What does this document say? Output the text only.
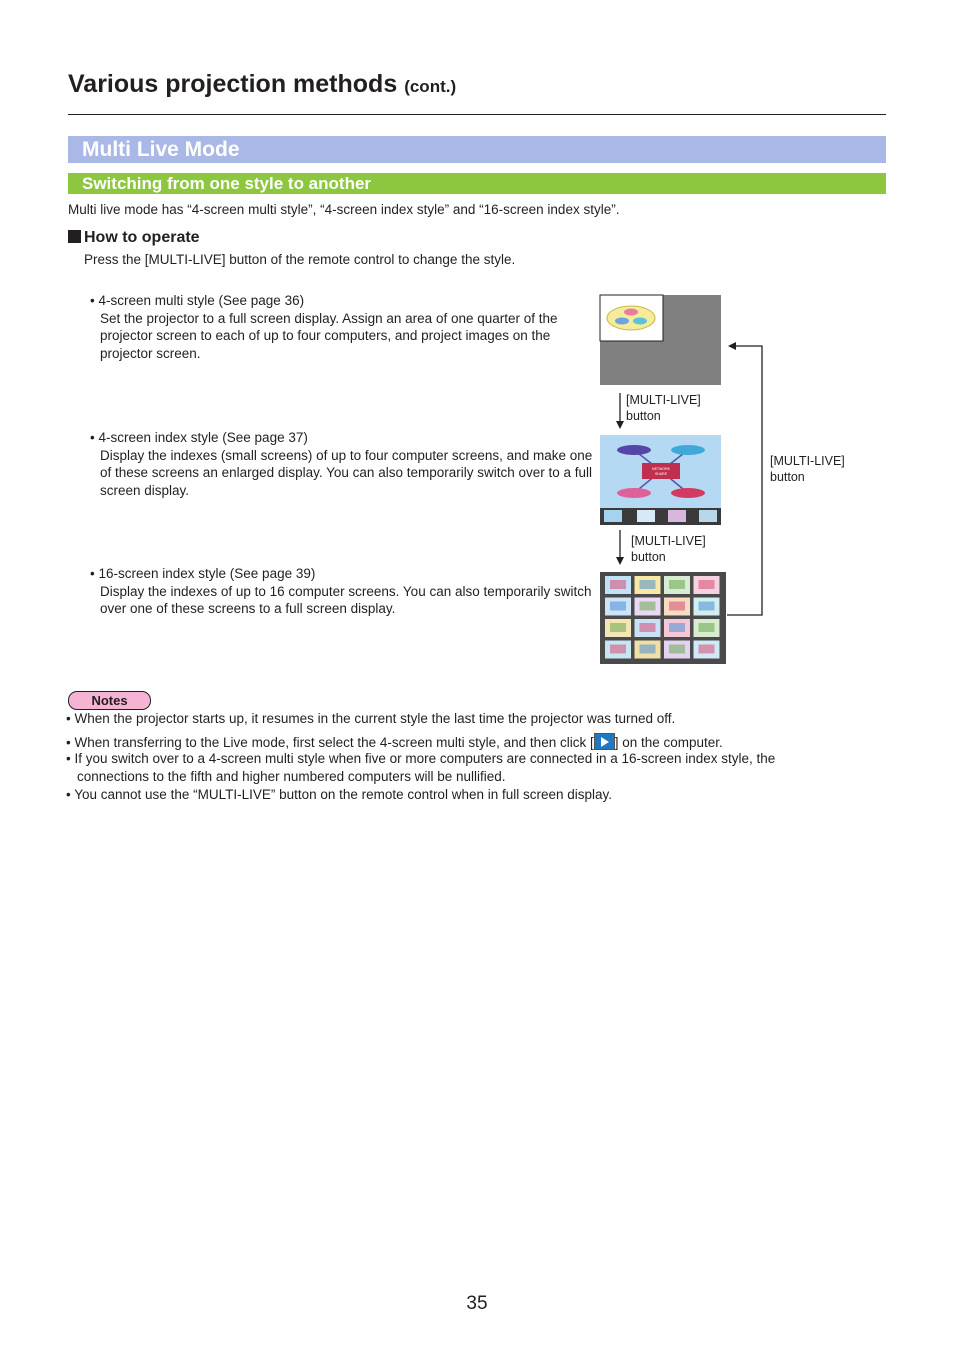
Various projection methods (cont.)
Multi Live Mode
Switching from one style to another
Multi live mode has “4-screen multi style”, “4-screen index style” and “16-screen index style”.
How to operate
Press the [MULTI-LIVE] button of the remote control to change the style.
• 4-screen multi style (See page 36)
Set the projector to a full screen display. Assign an area of one quarter of the projector screen to each of up to four computers, and project images on the projector screen.
• 4-screen index style (See page 37)
Display the indexes (small screens) of up to four computer screens, and make one of these screens an enlarged display. You can also temporarily switch over to a full screen display.
• 16-screen index style (See page 39)
Display the indexes of up to 16 computer screens. You can also temporarily switch over one of these screens to a full screen display.
NETWORK
SHARE
[MULTI-LIVE]
button
[MULTI-LIVE]
button
[MULTI-LIVE]
button
Notes
• When the projector starts up, it resumes in the current style the last time the projector was turned off.
• When transferring to the Live mode, first select the 4-screen multi style, and then click [ ] on the computer.
• If you switch over to a 4-screen multi style when five or more computers are connected in a 16-screen index style, the
connections to the fifth and higher numbered computers will be nullified.
• You cannot use the “MULTI-LIVE” button on the remote control when in full screen display.
35
